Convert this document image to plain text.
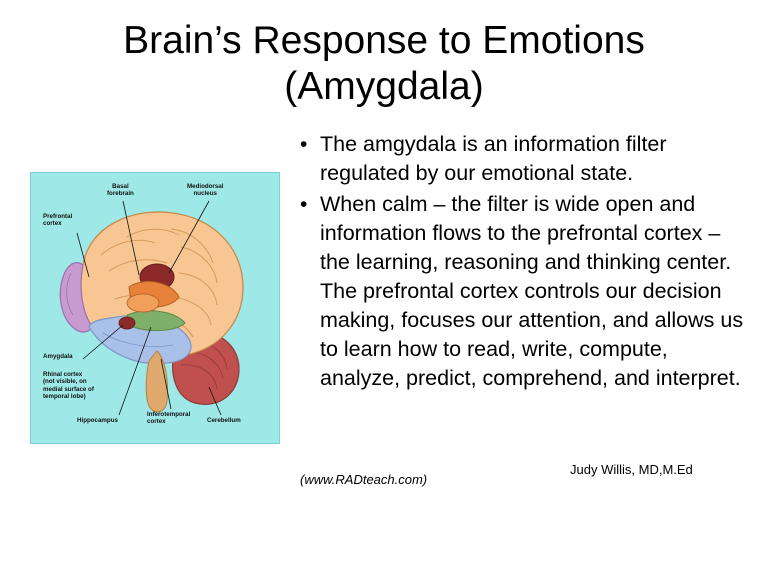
Brain’s Response to Emotions
(Amygdala)
Basal
forebrain
Mediodorsal
nucleus
Prefrontal
cortex
Amygdala
Rhinal cortex
(not visible, on
medial surface of
temporal lobe)
Hippocampus
Inferotemporal
cortex	Cerebellum
(www.RADteach.com)
• The amgydala is an information filter regulated by our emotional state.
• When calm – the filter is wide open and information flows to the prefrontal cortex – the learning, reasoning and thinking center. The prefrontal cortex controls our decision making, focuses our attention, and allows us to learn how to read, write, compute, analyze, predict, comprehend, and interpret.
Judy Willis, MD,M.Ed
